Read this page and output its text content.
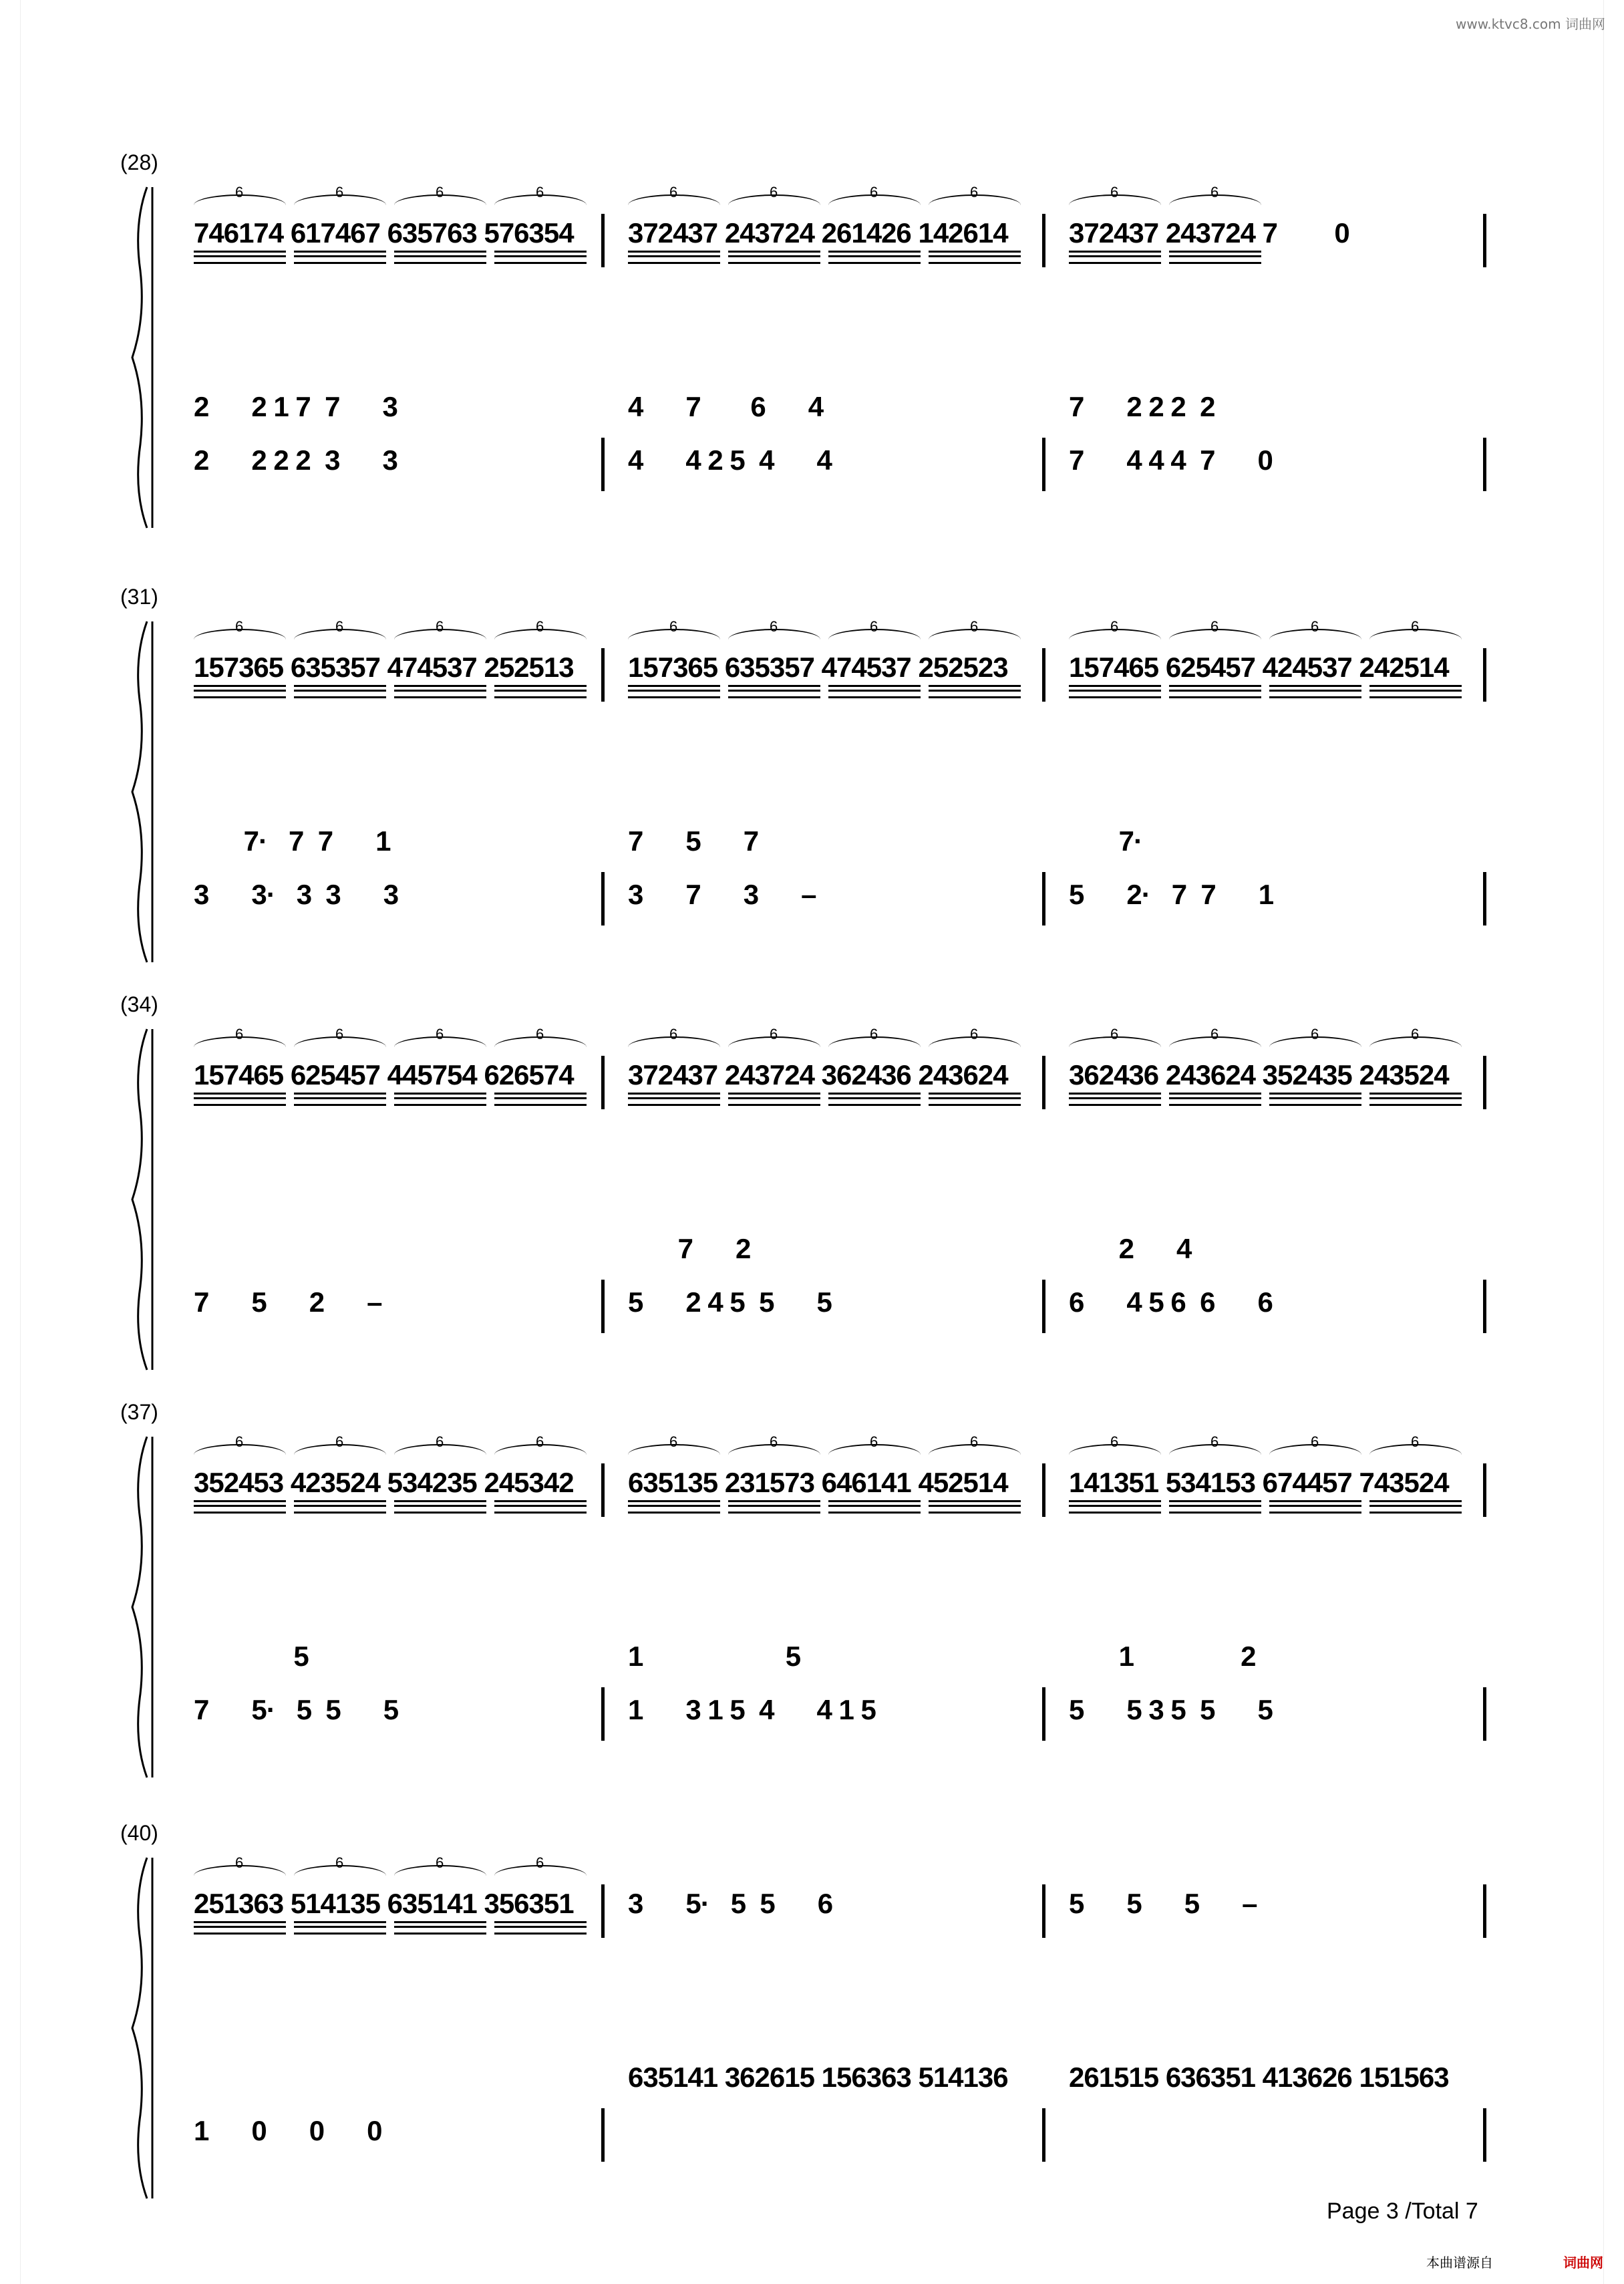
www.ktvc8.com 词曲网
(28)
6	6	6	6
746174 617467 635763 576354
6	6	6	6
372437 243724 261426 142614
6	6
372437 243724 7        0
2      2 1 7  7      3	4      7       6      4	7      2 2 2  2
2      2 2 2  3      3	4      4 2 5  4      4	7      4 4 4  7      0
(31)
6	6	6	6
157365 635357 474537 252513
6	6	6	6
157365 635357 474537 252523
6	6	6	6
157465 625457 424537 242514
7·   7  7      1	7      5      7	7·
3      3·   3  3      3	3      7      3      –	5      2·   7  7      1
(34)
6	6	6	6
157465 625457 445754 626574
6	6	6	6
372437 243724 362436 243624
6	6	6	6
362436 243624 352435 243524
7      2	2      4
7      5      2      –	5      2 4 5  5      5	6      4 5 6  6      6
(37)
6	6	6	6
352453 423524 534235 245342
6	6	6	6
635135 231573 646141 452514
6	6	6	6
141351 534153 674457 743524
5	1                    5	1               2
7      5·   5  5      5	1      3 1 5  4      4 1 5	5      5 3 5  5      5
(40)
6	6	6	6
251363 514135 635141 356351	3      5·   5  5      6	5      5      5      –
635141 362615 156363 514136	261515 636351 413626 151563
1      0      0      0
Page 3 /Total 7
本曲谱源自	词曲网
